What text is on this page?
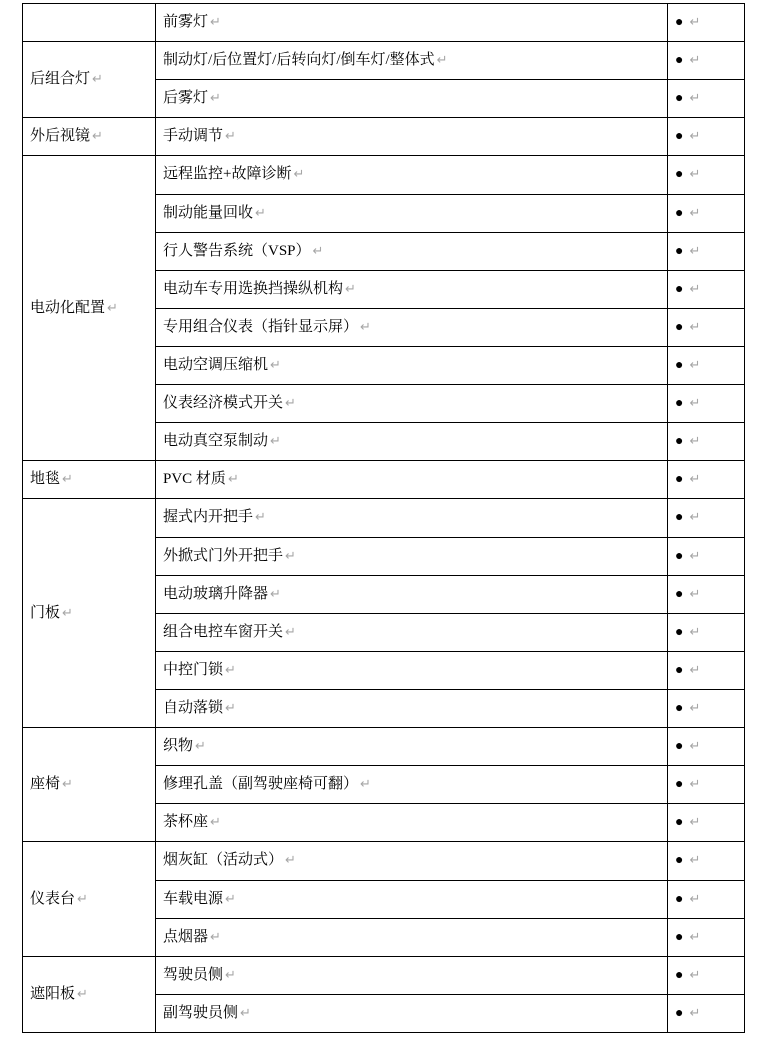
	前雾灯 ↵	● ↵
后组合灯 ↵	制动灯/后位置灯/后转向灯/倒车灯/整体式 ↵	● ↵
	后雾灯 ↵	● ↵
外后视镜 ↵	手动调节 ↵	● ↵
电动化配置 ↵	远程监控+故障诊断 ↵	● ↵
	制动能量回收 ↵	● ↵
	行人警告系统（VSP） ↵	● ↵
	电动车专用选换挡操纵机构 ↵	● ↵
	专用组合仪表（指针显示屏） ↵	● ↵
	电动空调压缩机 ↵	● ↵
	仪表经济模式开关 ↵	● ↵
	电动真空泵制动 ↵	● ↵
地毯 ↵	PVC 材质 ↵	● ↵
门板 ↵	握式内开把手 ↵	● ↵
	外掀式门外开把手 ↵	● ↵
	电动玻璃升降器 ↵	● ↵
	组合电控车窗开关 ↵	● ↵
	中控门锁 ↵	● ↵
	自动落锁 ↵	● ↵
座椅 ↵	织物 ↵	● ↵
	修理孔盖（副驾驶座椅可翻） ↵	● ↵
	茶杯座 ↵	● ↵
仪表台 ↵	烟灰缸（活动式） ↵	● ↵
	车载电源 ↵	● ↵
	点烟器 ↵	● ↵
遮阳板 ↵	驾驶员侧 ↵	● ↵
	副驾驶员侧 ↵	● ↵
